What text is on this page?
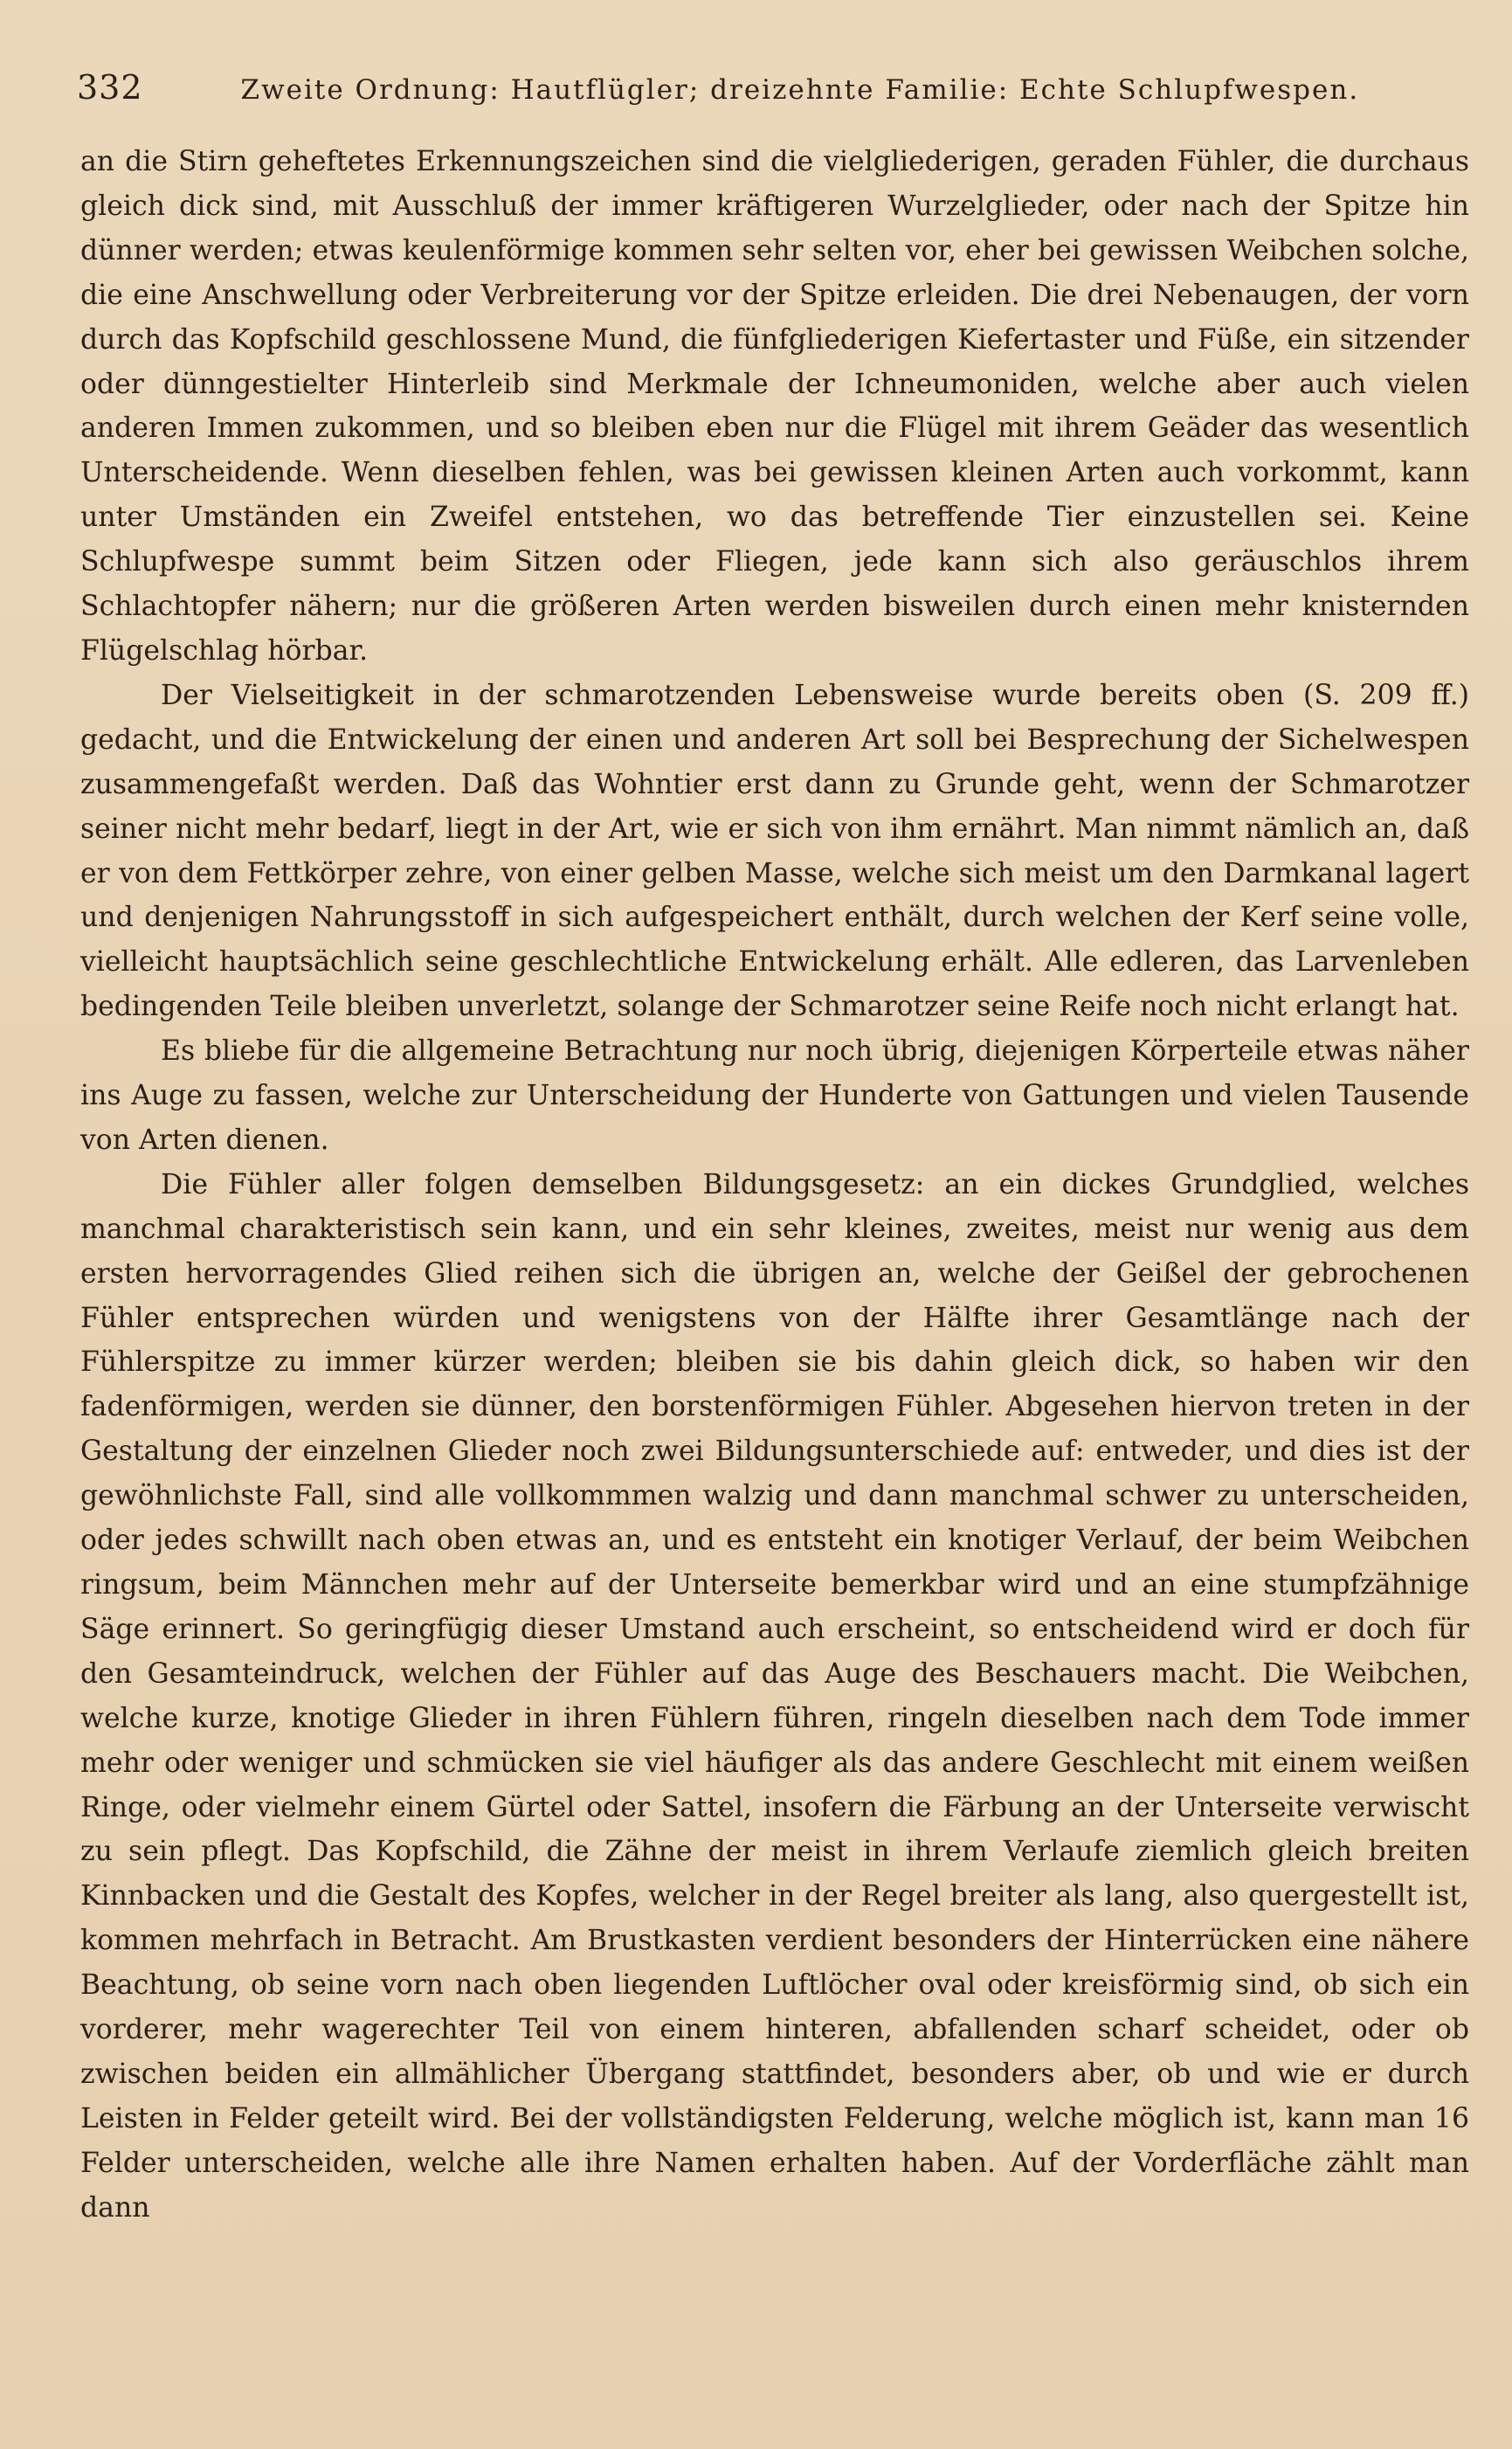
332	Zweite Ordnung: Hautflügler; dreizehnte Familie: Echte Schlupfwespen.

an die Stirn geheftetes Erkennungszeichen sind die vielgliederigen, geraden Fühler, die durchaus gleich dick sind, mit Ausschluß der immer kräftigeren Wurzelglieder, oder nach der Spitze hin dünner werden; etwas keulenförmige kommen sehr selten vor, eher bei gewissen Weibchen solche, die eine Anschwellung oder Verbreiterung vor der Spitze erleiden. Die drei Nebenaugen, der vorn durch das Kopfschild geschlossene Mund, die fünfgliederigen Kiefertaster und Füße, ein sitzender oder dünngestielter Hinterleib sind Merkmale der Ichneumoniden, welche aber auch vielen anderen Immen zukommen, und so bleiben eben nur die Flügel mit ihrem Geäder das wesentlich Unterscheidende. Wenn dieselben fehlen, was bei gewissen kleinen Arten auch vorkommt, kann unter Umständen ein Zweifel entstehen, wo das betreffende Tier einzustellen sei. Keine Schlupfwespe summt beim Sitzen oder Fliegen, jede kann sich also geräuschlos ihrem Schlachtopfer nähern; nur die größeren Arten werden bisweilen durch einen mehr knisternden Flügelschlag hörbar.

Der Vielseitigkeit in der schmarotzenden Lebensweise wurde bereits oben (S. 209 ff.) gedacht, und die Entwickelung der einen und anderen Art soll bei Besprechung der Sichelwespen zusammengefaßt werden. Daß das Wohntier erst dann zu Grunde geht, wenn der Schmarotzer seiner nicht mehr bedarf, liegt in der Art, wie er sich von ihm ernährt. Man nimmt nämlich an, daß er von dem Fettkörper zehre, von einer gelben Masse, welche sich meist um den Darmkanal lagert und denjenigen Nahrungsstoff in sich aufgespeichert enthält, durch welchen der Kerf seine volle, vielleicht hauptsächlich seine geschlechtliche Entwickelung erhält. Alle edleren, das Larvenleben bedingenden Teile bleiben unverletzt, solange der Schmarotzer seine Reife noch nicht erlangt hat.

Es bliebe für die allgemeine Betrachtung nur noch übrig, diejenigen Körperteile etwas näher ins Auge zu fassen, welche zur Unterscheidung der Hunderte von Gattungen und vielen Tausende von Arten dienen.

Die Fühler aller folgen demselben Bildungsgesetz: an ein dickes Grundglied, welches manchmal charakteristisch sein kann, und ein sehr kleines, zweites, meist nur wenig aus dem ersten hervorragendes Glied reihen sich die übrigen an, welche der Geißel der gebrochenen Fühler entsprechen würden und wenigstens von der Hälfte ihrer Gesamtlänge nach der Fühlerspitze zu immer kürzer werden; bleiben sie bis dahin gleich dick, so haben wir den fadenförmigen, werden sie dünner, den borstenförmigen Fühler. Abgesehen hiervon treten in der Gestaltung der einzelnen Glieder noch zwei Bildungsunterschiede auf: entweder, und dies ist der gewöhnlichste Fall, sind alle vollkommmen walzig und dann manchmal schwer zu unterscheiden, oder jedes schwillt nach oben etwas an, und es entsteht ein knotiger Verlauf, der beim Weibchen ringsum, beim Männchen mehr auf der Unterseite bemerkbar wird und an eine stumpfzähnige Säge erinnert. So geringfügig dieser Umstand auch erscheint, so entscheidend wird er doch für den Gesamteindruck, welchen der Fühler auf das Auge des Beschauers macht. Die Weibchen, welche kurze, knotige Glieder in ihren Fühlern führen, ringeln dieselben nach dem Tode immer mehr oder weniger und schmücken sie viel häufiger als das andere Geschlecht mit einem weißen Ringe, oder vielmehr einem Gürtel oder Sattel, insofern die Färbung an der Unterseite verwischt zu sein pflegt. Das Kopfschild, die Zähne der meist in ihrem Verlaufe ziemlich gleich breiten Kinnbacken und die Gestalt des Kopfes, welcher in der Regel breiter als lang, also quergestellt ist, kommen mehrfach in Betracht. Am Brustkasten verdient besonders der Hinterrücken eine nähere Beachtung, ob seine vorn nach oben liegenden Luftlöcher oval oder kreisförmig sind, ob sich ein vorderer, mehr wagerechter Teil von einem hinteren, abfallenden scharf scheidet, oder ob zwischen beiden ein allmählicher Übergang stattfindet, besonders aber, ob und wie er durch Leisten in Felder geteilt wird. Bei der vollständigsten Felderung, welche möglich ist, kann man 16 Felder unterscheiden, welche alle ihre Namen erhalten haben. Auf der Vorderfläche zählt man dann
